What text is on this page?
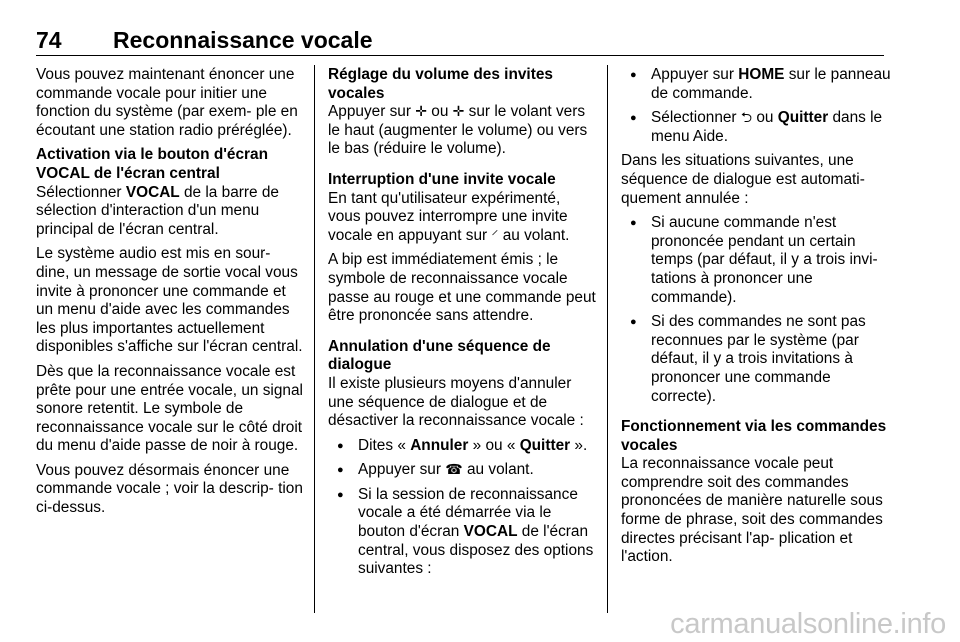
74 Reconnaissance vocale

Vous pouvez maintenant énoncer une commande vocale pour initier une fonction du système (par exem- ple en écoutant une station radio préréglée).

Activation via le bouton d'écran VOCAL de l'écran central

Sélectionner VOCAL de la barre de sélection d'interaction d'un menu principal de l'écran central.

Le système audio est mis en sour- dine, un message de sortie vocal vous invite à prononcer une commande et un menu d'aide avec les commandes les plus importantes actuellement disponibles s'affiche sur l'écran central.

Dès que la reconnaissance vocale est prête pour une entrée vocale, un signal sonore retentit. Le symbole de reconnaissance vocale sur le côté droit du menu d'aide passe de noir à rouge.

Vous pouvez désormais énoncer une commande vocale ; voir la descrip- tion ci-dessus.

Réglage du volume des invites vocales

Appuyer sur ✛ ou ✛ sur le volant vers le haut (augmenter le volume) ou vers le bas (réduire le volume).

Interruption d'une invite vocale

En tant qu'utilisateur expérimenté, vous pouvez interrompre une invite vocale en appuyant sur ⸍ au volant.

A bip est immédiatement émis ; le symbole de reconnaissance vocale passe au rouge et une commande peut être prononcée sans attendre.

Annulation d'une séquence de dialogue

Il existe plusieurs moyens d'annuler une séquence de dialogue et de désactiver la reconnaissance vocale :

● Dites « Annuler » ou « Quitter ».
● Appuyer sur ☎ au volant.
● Si la session de reconnaissance vocale a été démarrée via le bouton d'écran VOCAL de l'écran central, vous disposez des options suivantes :
● Appuyer sur HOME sur le panneau de commande.
● Sélectionner ⮌ ou Quitter dans le menu Aide.

Dans les situations suivantes, une séquence de dialogue est automati- quement annulée :

● Si aucune commande n'est prononcée pendant un certain temps (par défaut, il y a trois invi- tations à prononcer une commande).
● Si des commandes ne sont pas reconnues par le système (par défaut, il y a trois invitations à prononcer une commande correcte).
Fonctionnement via les commandes vocales

La reconnaissance vocale peut comprendre soit des commandes prononcées de manière naturelle sous forme de phrase, soit des commandes directes précisant l'ap- plication et l'action.

carmanualsonline.info
